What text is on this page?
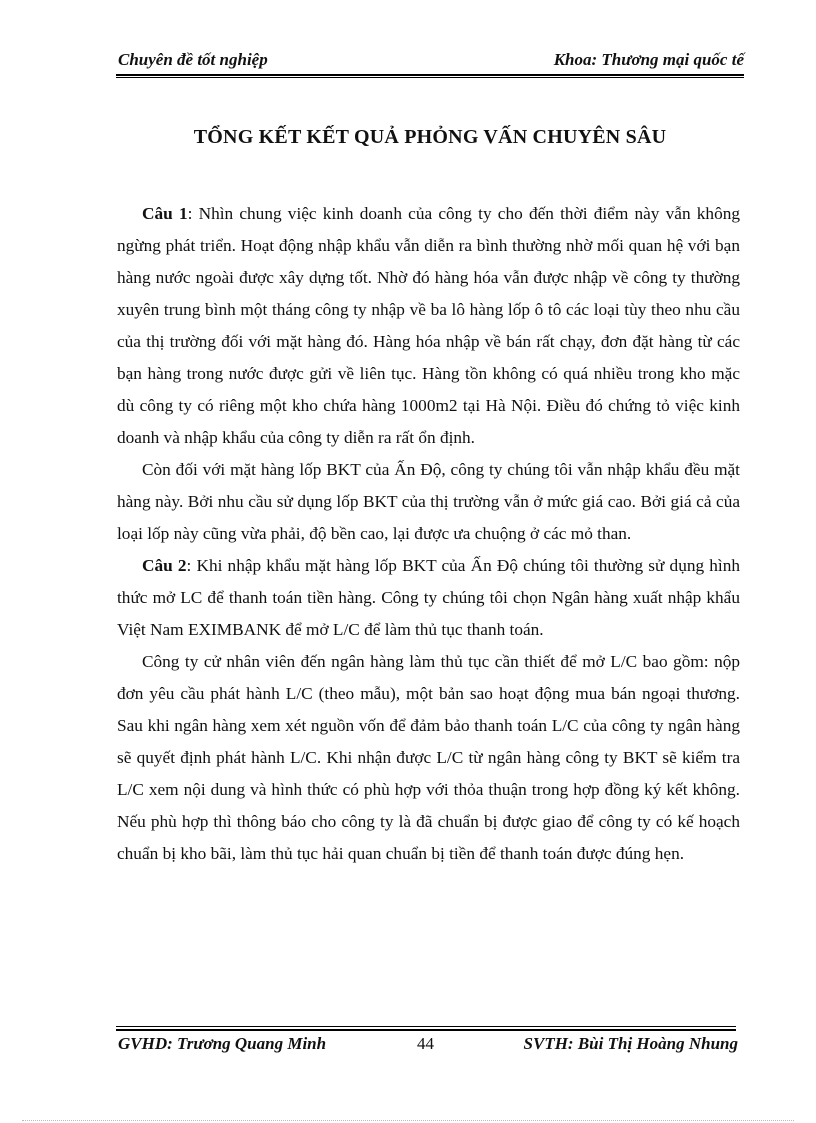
Chuyên đề tốt nghiệp	Khoa: Thương mại quốc tế
TỔNG KẾT KẾT QUẢ PHỎNG VẤN CHUYÊN SÂU

Câu 1: Nhìn chung việc kinh doanh của công ty cho đến thời điểm này vẫn không ngừng phát triển. Hoạt động nhập khẩu vẫn diễn ra bình thường nhờ mối quan hệ với bạn hàng nước ngoài được xây dựng tốt. Nhờ đó hàng hóa vẫn được nhập về công ty thường xuyên trung bình một tháng công ty nhập về ba lô hàng lốp ô tô các loại tùy theo nhu cầu của thị trường đối với mặt hàng đó. Hàng hóa nhập về bán rất chạy, đơn đặt hàng từ các bạn hàng trong nước được gửi về liên tục. Hàng tồn không có quá nhiều trong kho mặc dù công ty có riêng một kho chứa hàng 1000m2 tại Hà Nội. Điều đó chứng tỏ việc kinh doanh và nhập khẩu của công ty diễn ra rất ổn định.

Còn đối với mặt hàng lốp BKT của Ấn Độ, công ty chúng tôi vẫn nhập khẩu đều mặt hàng này. Bởi nhu cầu sử dụng lốp BKT của thị trường vẫn ở mức giá cao. Bởi giá cả của loại lốp này cũng vừa phải, độ bền cao, lại được ưa chuộng ở các mỏ than.

Câu 2: Khi nhập khẩu mặt hàng lốp BKT của Ấn Độ chúng tôi thường sử dụng hình thức mở LC để thanh toán tiền hàng. Công ty chúng tôi chọn Ngân hàng xuất nhập khẩu Việt Nam EXIMBANK để mở L/C để làm thủ tục thanh toán.

Công ty cử nhân viên đến ngân hàng làm thủ tục cần thiết để mở L/C bao gồm: nộp đơn yêu cầu phát hành L/C (theo mẫu), một bản sao hoạt động mua bán ngoại thương. Sau khi ngân hàng xem xét nguồn vốn để đảm bảo thanh toán L/C của công ty ngân hàng sẽ quyết định phát hành L/C. Khi nhận được L/C từ ngân hàng công ty BKT sẽ kiểm tra L/C xem nội dung và hình thức có phù hợp với thỏa thuận trong hợp đồng ký kết không. Nếu phù hợp thì thông báo cho công ty là đã chuẩn bị được giao để công ty có kế hoạch chuẩn bị kho bãi, làm thủ tục hải quan chuẩn bị tiền để thanh toán được đúng hẹn.

GVHD: Trương Quang Minh	44	SVTH: Bùi Thị Hoàng Nhung
